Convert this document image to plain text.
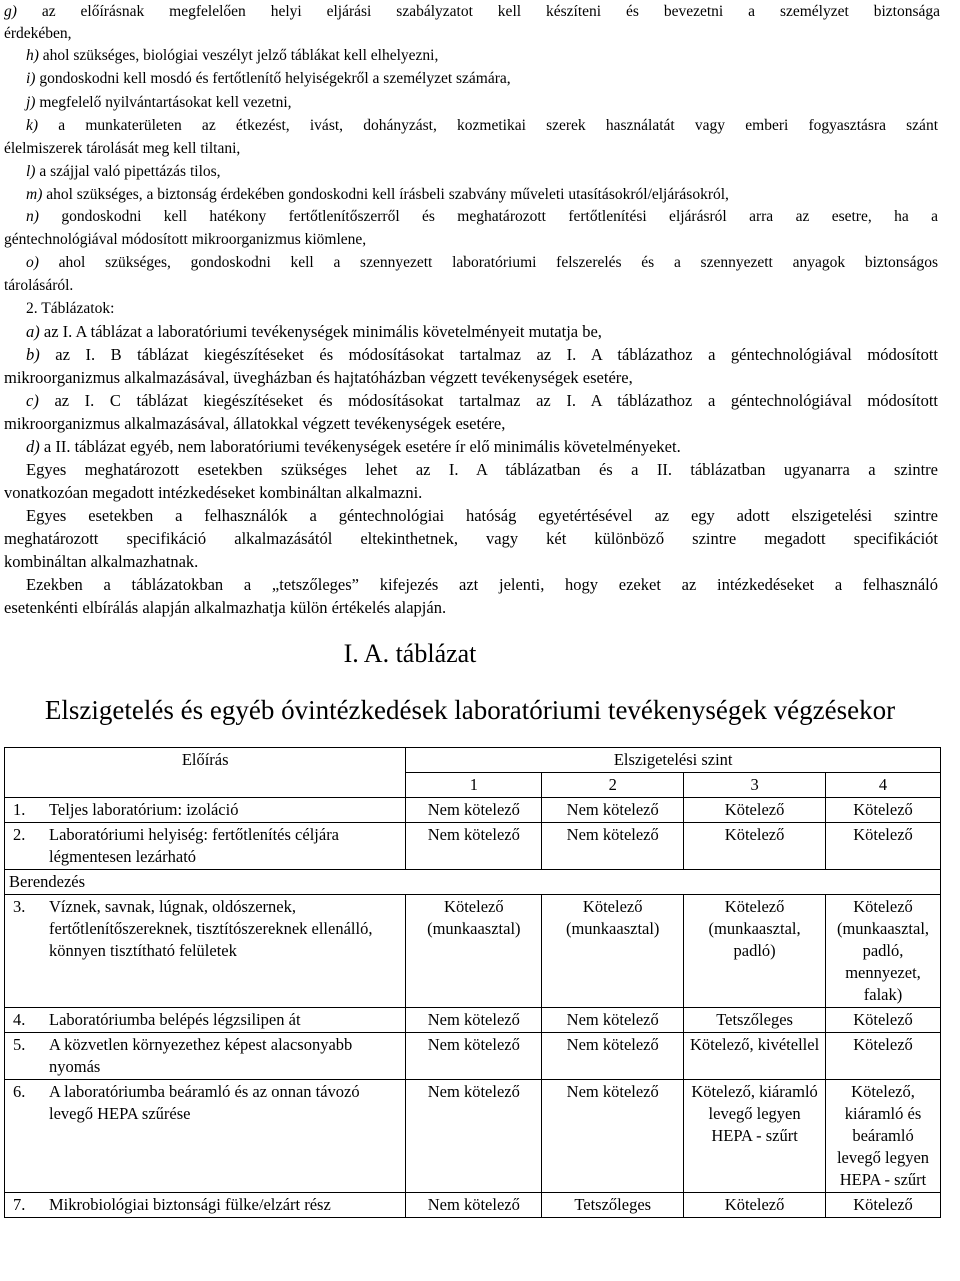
g) az előírásnak megfelelően helyi eljárási szabályzatot kell készíteni és bevezetni a személyzet biztonsága
érdekében,
h) ahol szükséges, biológiai veszélyt jelző táblákat kell elhelyezni,
i) gondoskodni kell mosdó és fertőtlenítő helyiségekről a személyzet számára,
j) megfelelő nyilvántartásokat kell vezetni,
k) a munkaterületen az étkezést, ivást, dohányzást, kozmetikai szerek használatát vagy emberi fogyasztásra szánt
élelmiszerek tárolását meg kell tiltani,
l) a szájjal való pipettázás tilos,
m) ahol szükséges, a biztonság érdekében gondoskodni kell írásbeli szabvány műveleti utasításokról/eljárásokról,
n) gondoskodni kell hatékony fertőtlenítőszerről és meghatározott fertőtlenítési eljárásról arra az esetre, ha a
géntechnológiával módosított mikroorganizmus kiömlene,
o) ahol szükséges, gondoskodni kell a szennyezett laboratóriumi felszerelés és a szennyezett anyagok biztonságos
tárolásáról.
2. Táblázatok:
a) az I. A táblázat a laboratóriumi tevékenységek minimális követelményeit mutatja be,
b) az I. B táblázat kiegészítéseket és módosításokat tartalmaz az I. A táblázathoz a géntechnológiával módosított
mikroorganizmus alkalmazásával, üvegházban és hajtatóházban végzett tevékenységek esetére,
c) az I. C táblázat kiegészítéseket és módosításokat tartalmaz az I. A táblázathoz a géntechnológiával módosított
mikroorganizmus alkalmazásával, állatokkal végzett tevékenységek esetére,
d) a II. táblázat egyéb, nem laboratóriumi tevékenységek esetére ír elő minimális követelményeket.
Egyes meghatározott esetekben szükséges lehet az I. A táblázatban és a II. táblázatban ugyanarra a szintre
vonatkozóan megadott intézkedéseket kombináltan alkalmazni.
Egyes esetekben a felhasználók a géntechnológiai hatóság egyetértésével az egy adott elszigetelési szintre
meghatározott specifikáció alkalmazásától eltekinthetnek, vagy két különböző szintre megadott specifikációt
kombináltan alkalmazhatnak.
Ezekben a táblázatokban a „tetszőleges” kifejezés azt jelenti, hogy ezeket az intézkedéseket a felhasználó
esetenkénti elbírálás alapján alkalmazhatja külön értékelés alapján.
I. A. táblázat
Elszigetelés és egyéb óvintézkedések laboratóriumi tevékenységek végzésekor
Előírás	Elszigetelési szint			
	1	2	3	4

1. Teljes laboratórium: izoláció	Nem kötelező	Nem kötelező	Kötelező	Kötelező

2. Laboratóriumi helyiség: fertőtlenítés céljára légmentesen lezárható	Nem kötelező	Nem kötelező	Kötelező	Kötelező
Berendezés				

3. Víznek, savnak, lúgnak, oldószernek, fertőtlenítőszereknek, tisztítószereknek ellenálló, könnyen tisztítható felületek	Kötelező (munkaasztal)	Kötelező (munkaasztal)	Kötelező (munkaasztal, padló)	Kötelező (munkaasztal, padló, mennyezet, falak)

4. Laboratóriumba belépés légzsilipen át	Nem kötelező	Nem kötelező	Tetszőleges	Kötelező

5. A közvetlen környezethez képest alacsonyabb nyomás	Nem kötelező	Nem kötelező	Kötelező, kivétellel	Kötelező

6. A laboratóriumba beáramló és az onnan távozó levegő HEPA szűrése	Nem kötelező	Nem kötelező	Kötelező, kiáramló levegő legyen HEPA - szűrt	Kötelező, kiáramló és beáramló levegő legyen HEPA - szűrt

7. Mikrobiológiai biztonsági fülke/elzárt rész	Nem kötelező	Tetszőleges	Kötelező	Kötelező
